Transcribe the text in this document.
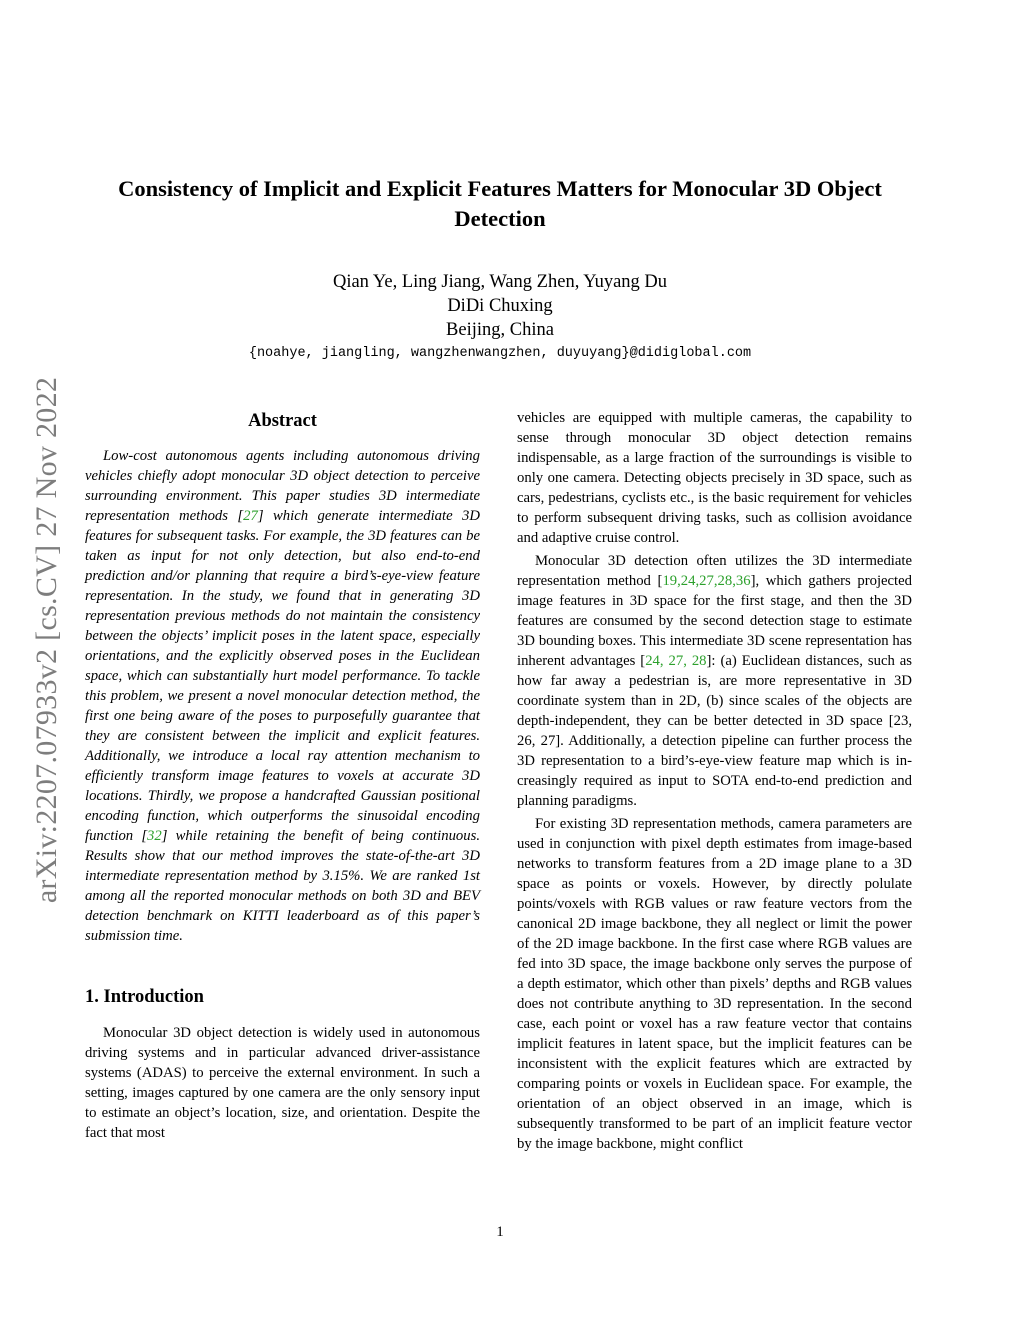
arXiv:2207.07933v2 [cs.CV] 27 Nov 2022
Consistency of Implicit and Explicit Features Matters for Monocular 3D Object
Detection
Qian Ye, Ling Jiang, Wang Zhen, Yuyang Du
DiDi Chuxing
Beijing, China
{noahye, jiangling, wangzhenwangzhen, duyuyang}@didiglobal.com
Abstract

Low-cost autonomous agents including autonomous driving vehicles chiefly adopt monocular 3D object detection to perceive surrounding environment. This paper studies 3D intermediate representation methods [27] which generate intermediate 3D features for subsequent tasks. For example, the 3D features can be taken as input for not only detection, but also end-to-end prediction and/or planning that require a bird’s-eye-view feature representation. In the study, we found that in generating 3D representation previous methods do not maintain the consistency between the objects’ implicit poses in the latent space, especially orientations, and the explicitly observed poses in the Euclidean space, which can substantially hurt model performance. To tackle this problem, we present a novel monocular detection method, the first one being aware of the poses to purposefully guarantee that they are consistent between the implicit and explicit features. Additionally, we introduce a local ray attention mechanism to efficiently transform image features to voxels at accurate 3D locations. Thirdly, we propose a handcrafted Gaussian positional encoding function, which outperforms the sinusoidal encoding function [32] while retaining the benefit of being continuous. Results show that our method improves the state-of-the-art 3D intermediate representation method by 3.15%. We are ranked 1st among all the reported monocular methods on both 3D and BEV detection benchmark on KITTI leaderboard as of this paper’s submission time.

1. Introduction

Monocular 3D object detection is widely used in autonomous driving systems and in particular advanced driver-assistance systems (ADAS) to perceive the external environment. In such a setting, images captured by one camera are the only sensory input to estimate an object’s location, size, and orientation. Despite the fact that most

vehicles are equipped with multiple cameras, the capability to sense through monocular 3D object detection remains indispensable, as a large fraction of the surroundings is visible to only one camera. Detecting objects precisely in 3D space, such as cars, pedestrians, cyclists etc., is the basic requirement for vehicles to perform subsequent driving tasks, such as collision avoidance and adaptive cruise control.

Monocular 3D detection often utilizes the 3D intermediate representation method [19,24,27,28,36], which gathers projected image features in 3D space for the first stage, and then the 3D features are consumed by the second detection stage to estimate 3D bounding boxes. This intermediate 3D scene representation has inherent advantages [24, 27, 28]: (a) Euclidean distances, such as how far away a pedestrian is, are more representative in 3D coordinate system than in 2D, (b) since scales of the objects are depth-independent, they can be better detected in 3D space [23, 26, 27]. Additionally, a detection pipeline can further process the 3D representation to a bird’s-eye-view feature map which is increasingly required as input to SOTA end-to-end prediction and planning paradigms.

For existing 3D representation methods, camera parameters are used in conjunction with pixel depth estimates from image-based networks to transform features from a 2D image plane to a 3D space as points or voxels. However, by directly polulate points/voxels with RGB values or raw feature vectors from the canonical 2D image backbone, they all neglect or limit the power of the 2D image backbone. In the first case where RGB values are fed into 3D space, the image backbone only serves the purpose of a depth estimator, which other than pixels’ depths and RGB values does not contribute anything to 3D representation. In the second case, each point or voxel has a raw feature vector that contains implicit features in latent space, but the implicit features can be inconsistent with the explicit features which are extracted by comparing points or voxels in Euclidean space. For example, the orientation of an object observed in an image, which is subsequently transformed to be part of an implicit feature vector by the image backbone, might conflict

1
